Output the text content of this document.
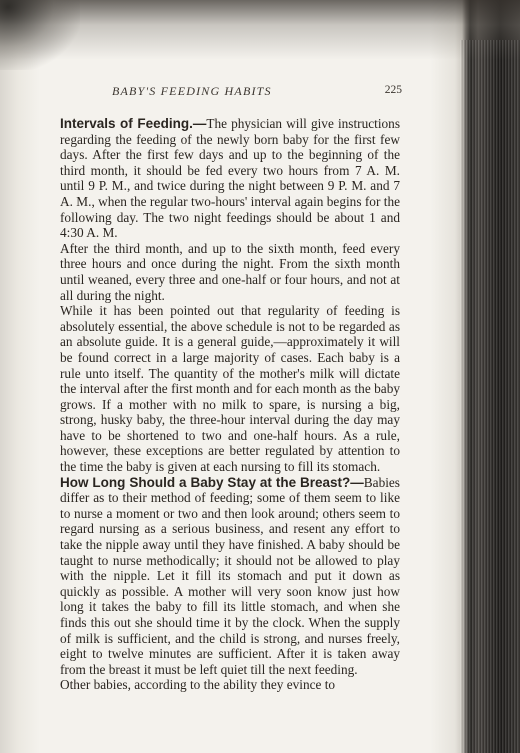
BABY'S FEEDING HABITS	225

Intervals of Feeding.—The physician will give instructions regarding the feeding of the newly born baby for the first few days. After the first few days and up to the beginning of the third month, it should be fed every two hours from 7 A. M. until 9 P. M., and twice during the night between 9 P. M. and 7 A. M., when the regular two-hours' interval again begins for the following day. The two night feedings should be about 1 and 4:30 A. M.

After the third month, and up to the sixth month, feed every three hours and once during the night. From the sixth month until weaned, every three and one-half or four hours, and not at all during the night.

While it has been pointed out that regularity of feeding is absolutely essential, the above schedule is not to be regarded as an absolute guide. It is a general guide,—approximately it will be found correct in a large majority of cases. Each baby is a rule unto itself. The quantity of the mother's milk will dictate the interval after the first month and for each month as the baby grows. If a mother with no milk to spare, is nursing a big, strong, husky baby, the three-hour interval during the day may have to be shortened to two and one-half hours. As a rule, however, these exceptions are better regulated by attention to the time the baby is given at each nursing to fill its stomach.

How Long Should a Baby Stay at the Breast?—Babies differ as to their method of feeding; some of them seem to like to nurse a moment or two and then look around; others seem to regard nursing as a serious business, and resent any effort to take the nipple away until they have finished. A baby should be taught to nurse methodically; it should not be allowed to play with the nipple. Let it fill its stomach and put it down as quickly as possible. A mother will very soon know just how long it takes the baby to fill its little stomach, and when she finds this out she should time it by the clock. When the supply of milk is sufficient, and the child is strong, and nurses freely, eight to twelve minutes are sufficient. After it is taken away from the breast it must be left quiet till the next feeding.

Other babies, according to the ability they evince to
